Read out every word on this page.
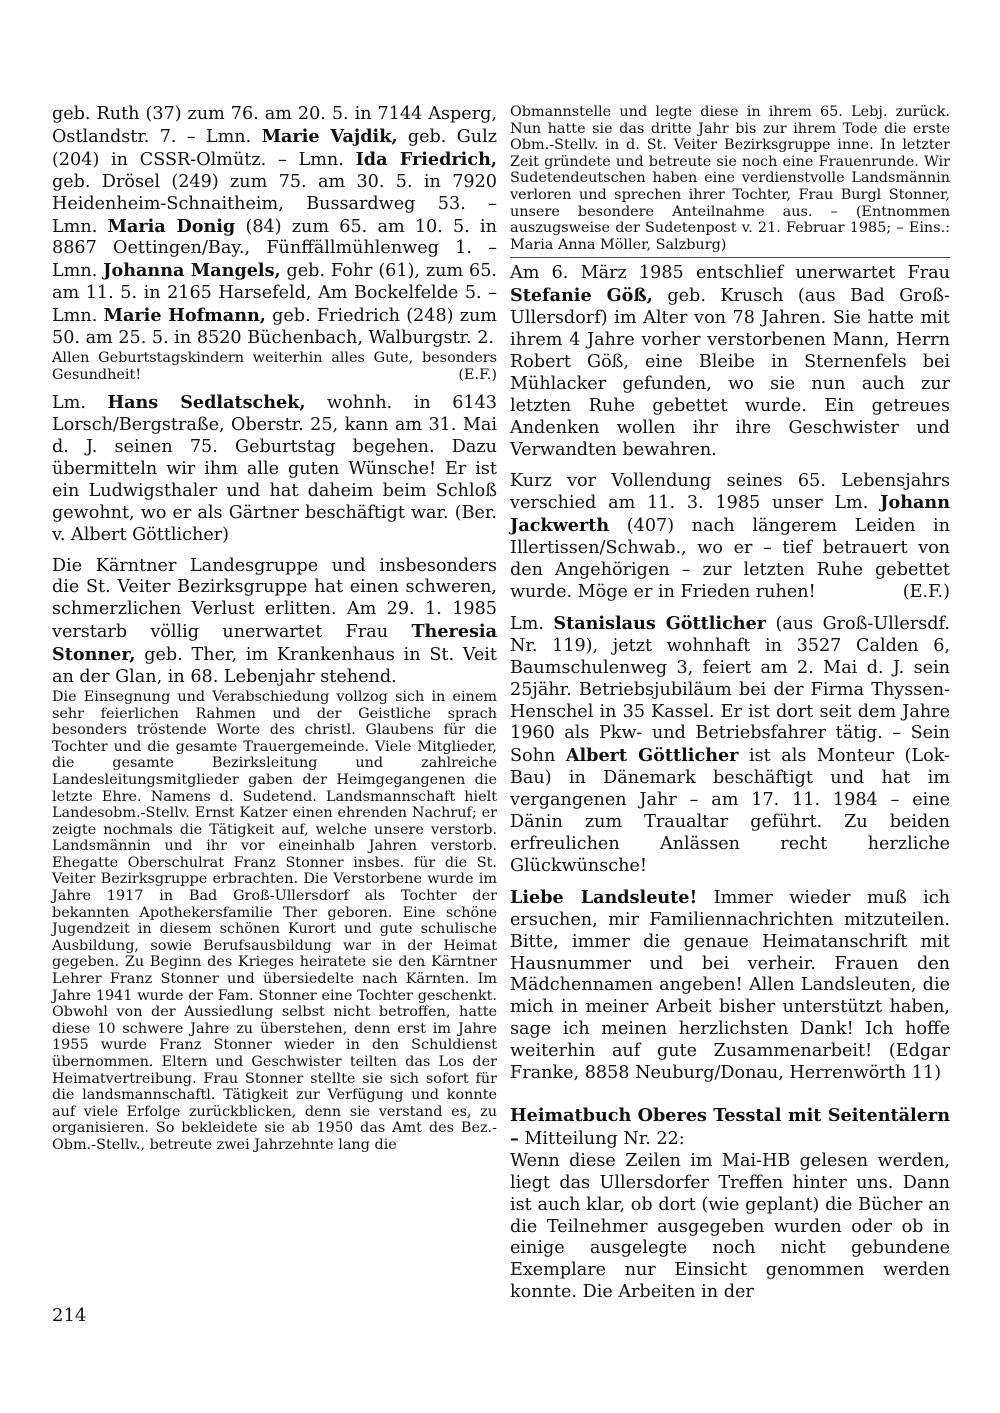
geb. Ruth (37) zum 76. am 20. 5. in 7144 Asperg, Ostlandstr. 7. – Lmn. Marie Vajdik, geb. Gulz (204) in CSSR-Olmütz. – Lmn. Ida Friedrich, geb. Drösel (249) zum 75. am 30. 5. in 7920 Heidenheim-Schnaitheim, Bussardweg 53. – Lmn. Maria Donig (84) zum 65. am 10. 5. in 8867 Oettingen/Bay., Fünffällmühlenweg 1. – Lmn. Johanna Mangels, geb. Fohr (61), zum 65. am 11. 5. in 2165 Harsefeld, Am Bockelfelde 5. – Lmn. Marie Hofmann, geb. Friedrich (248) zum 50. am 25. 5. in 8520 Büchenbach, Walburgstr. 2.

Allen Geburtstagskindern weiterhin alles Gute, besonders Gesundheit!	(E.F.)

Lm. Hans Sedlatschek, wohnh. in 6143 Lorsch/Bergstraße, Oberstr. 25, kann am 31. Mai d. J. seinen 75. Geburtstag begehen. Dazu übermitteln wir ihm alle guten Wünsche! Er ist ein Ludwigsthaler und hat daheim beim Schloß gewohnt, wo er als Gärtner beschäftigt war. (Ber. v. Albert Göttlicher)

Die Kärntner Landesgruppe und insbesonders die St. Veiter Bezirksgruppe hat einen schweren, schmerzlichen Verlust erlitten. Am 29. 1. 1985 verstarb völlig unerwartet Frau Theresia Stonner, geb. Ther, im Krankenhaus in St. Veit an der Glan, in 68. Lebenjahr stehend.

Die Einsegnung und Verabschiedung vollzog sich in einem sehr feierlichen Rahmen und der Geistliche sprach besonders tröstende Worte des christl. Glaubens für die Tochter und die gesamte Trauergemeinde. Viele Mitglieder, die gesamte Bezirksleitung und zahlreiche Landesleitungsmitglieder gaben der Heimgegangenen die letzte Ehre. Namens d. Sudetend. Landsmannschaft hielt Landesobm.-Stellv. Ernst Katzer einen ehrenden Nachruf; er zeigte nochmals die Tätigkeit auf, welche unsere verstorb. Landsmännin und ihr vor eineinhalb Jahren verstorb. Ehegatte Oberschulrat Franz Stonner insbes. für die St. Veiter Bezirksgruppe erbrachten. Die Verstorbene wurde im Jahre 1917 in Bad Groß-Ullersdorf als Tochter der bekannten Apothekersfamilie Ther geboren. Eine schöne Jugendzeit in diesem schönen Kurort und gute schulische Ausbildung, sowie Berufsausbildung war in der Heimat gegeben. Zu Beginn des Krieges heiratete sie den Kärntner Lehrer Franz Stonner und übersiedelte nach Kärnten. Im Jahre 1941 wurde der Fam. Stonner eine Tochter geschenkt. Obwohl von der Aussiedlung selbst nicht betroffen, hatte diese 10 schwere Jahre zu überstehen, denn erst im Jahre 1955 wurde Franz Stonner wieder in den Schuldienst übernommen. Eltern und Geschwister teilten das Los der Heimatvertreibung. Frau Stonner stellte sie sich sofort für die landsmannschaftl. Tätigkeit zur Verfügung und konnte auf viele Erfolge zurückblicken, denn sie verstand es, zu organisieren. So bekleidete sie ab 1950 das Amt des Bez.-Obm.-Stellv., betreute zwei Jahrzehnte lang die

Obmannstelle und legte diese in ihrem 65. Lebj. zurück. Nun hatte sie das dritte Jahr bis zur ihrem Tode die erste Obm.-Stellv. in d. St. Veiter Bezirksgruppe inne. In letzter Zeit gründete und betreute sie noch eine Frauenrunde. Wir Sudetendeutschen haben eine verdienstvolle Landsmännin verloren und sprechen ihrer Tochter, Frau Burgl Stonner, unsere besondere Anteilnahme aus. – (Entnommen auszugsweise der Sudetenpost v. 21. Februar 1985; – Eins.: Maria Anna Möller, Salzburg)

Am 6. März 1985 entschlief unerwartet Frau Stefanie Göß, geb. Krusch (aus Bad Groß-Ullersdorf) im Alter von 78 Jahren. Sie hatte mit ihrem 4 Jahre vorher verstorbenen Mann, Herrn Robert Göß, eine Bleibe in Sternenfels bei Mühlacker gefunden, wo sie nun auch zur letzten Ruhe gebettet wurde. Ein getreues Andenken wollen ihr ihre Geschwister und Verwandten bewahren.

Kurz vor Vollendung seines 65. Lebensjahrs verschied am 11. 3. 1985 unser Lm. Johann Jackwerth (407) nach längerem Leiden in Illertissen/Schwab., wo er – tief betrauert von den Angehörigen – zur letzten Ruhe gebettet wurde. Möge er in Frieden ruhen!	(E.F.)

Lm. Stanislaus Göttlicher (aus Groß-Ullersdf. Nr. 119), jetzt wohnhaft in 3527 Calden 6, Baumschulenweg 3, feiert am 2. Mai d. J. sein 25jähr. Betriebsjubiläum bei der Firma Thyssen-Henschel in 35 Kassel. Er ist dort seit dem Jahre 1960 als Pkw- und Betriebsfahrer tätig. – Sein Sohn Albert Göttlicher ist als Monteur (Lok-Bau) in Dänemark beschäftigt und hat im vergangenen Jahr – am 17. 11. 1984 – eine Dänin zum Traualtar geführt. Zu beiden erfreulichen Anlässen recht herzliche Glückwünsche!

Liebe Landsleute! Immer wieder muß ich ersuchen, mir Familiennachrichten mitzuteilen. Bitte, immer die genaue Heimatanschrift mit Hausnummer und bei verheir. Frauen den Mädchennamen angeben! Allen Landsleuten, die mich in meiner Arbeit bisher unterstützt haben, sage ich meinen herzlichsten Dank! Ich hoffe weiterhin auf gute Zusammenarbeit! (Edgar Franke, 8858 Neuburg/Donau, Herrenwörth 11)

Heimatbuch Oberes Tesstal mit Seitentälern – Mitteilung Nr. 22:

Wenn diese Zeilen im Mai-HB gelesen werden, liegt das Ullersdorfer Treffen hinter uns. Dann ist auch klar, ob dort (wie geplant) die Bücher an die Teilnehmer ausgegeben wurden oder ob in einige ausgelegte noch nicht gebundene Exemplare nur Einsicht genommen werden konnte. Die Arbeiten in der

214
